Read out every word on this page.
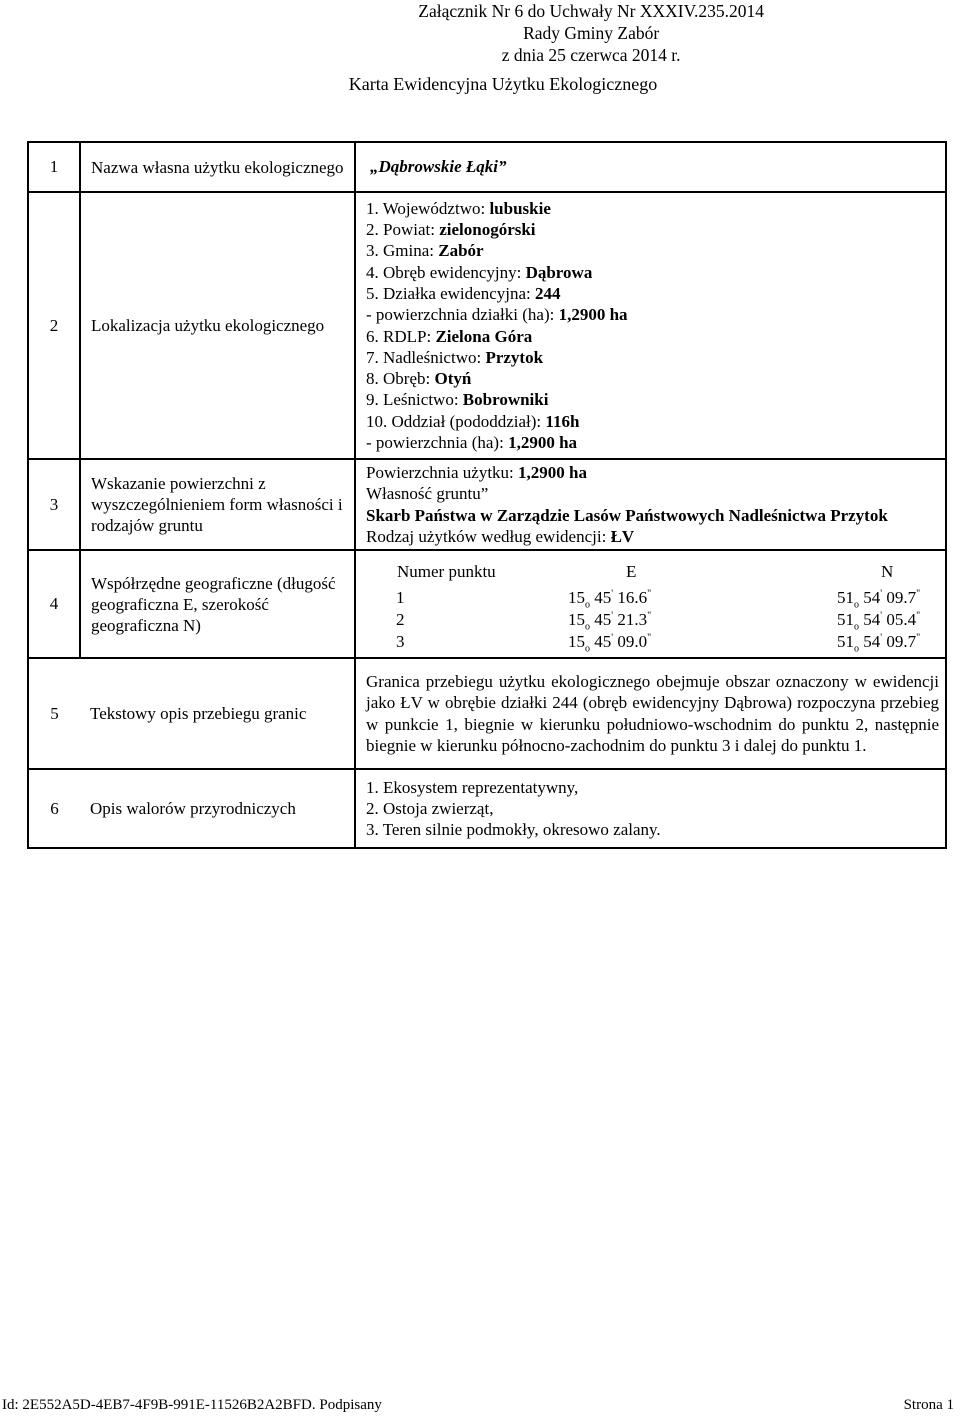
Załącznik Nr 6 do Uchwały Nr XXXIV.235.2014
Rady Gminy Zabór
z dnia 25 czerwca 2014 r.
Karta Ewidencyjna Użytku Ekologicznego
1	Nazwa własna użytku ekologicznego	„Dąbrowskie Łąki”
2	Lokalizacja użytku ekologicznego	
1. Województwo: lubuskie
2. Powiat: zielonogórski
3. Gmina: Zabór
4. Obręb ewidencyjny: Dąbrowa
5. Działka ewidencyjna: 244
- powierzchnia działki (ha): 1,2900 ha
6. RDLP: Zielona Góra
7. Nadleśnictwo: Przytok
8. Obręb: Otyń
9. Leśnictwo: Bobrowniki
10. Oddział (pododdział): 116h
- powierzchnia (ha): 1,2900 ha

3	Wskazanie powierzchni z wyszczególnieniem form własności i rodzajów gruntu	
Powierzchnia użytku: 1,2900 ha
Własność gruntu”
Skarb Państwa w Zarządzie Lasów Państwowych Nadleśnictwa Przytok
Rodzaj użytków według ewidencji: ŁV

4	Współrzędne geograficzne (długość geograficzna E, szerokość geograficzna N)	
Numer punktu	E	N
1	$15_o$ 45' 16.6"	$51_o$ 54' 09.7"
2	$15_o$ 45' 21.3"	$51_o$ 54' 05.4"
3	$15_o$ 45' 09.0"	$51_o$ 54' 09.7"

5	Tekstowy opis przebiegu granic	Granica przebiegu użytku ekologicznego obejmuje obszar oznaczony w ewidencji jako ŁV w obrębie działki 244 (obręb ewidencyjny Dąbrowa) rozpoczyna przebieg w punkcie 1, biegnie w kierunku południowo-wschodnim do punktu 2, następnie biegnie w kierunku północno-zachodnim do punktu 3 i dalej do punktu 1.
6	Opis walorów przyrodniczych	
1. Ekosystem reprezentatywny,
2. Ostoja zwierząt,
3. Teren silnie podmokły, okresowo zalany.
Id: 2E552A5D-4EB7-4F9B-991E-11526B2A2BFD. Podpisany	Strona 1
